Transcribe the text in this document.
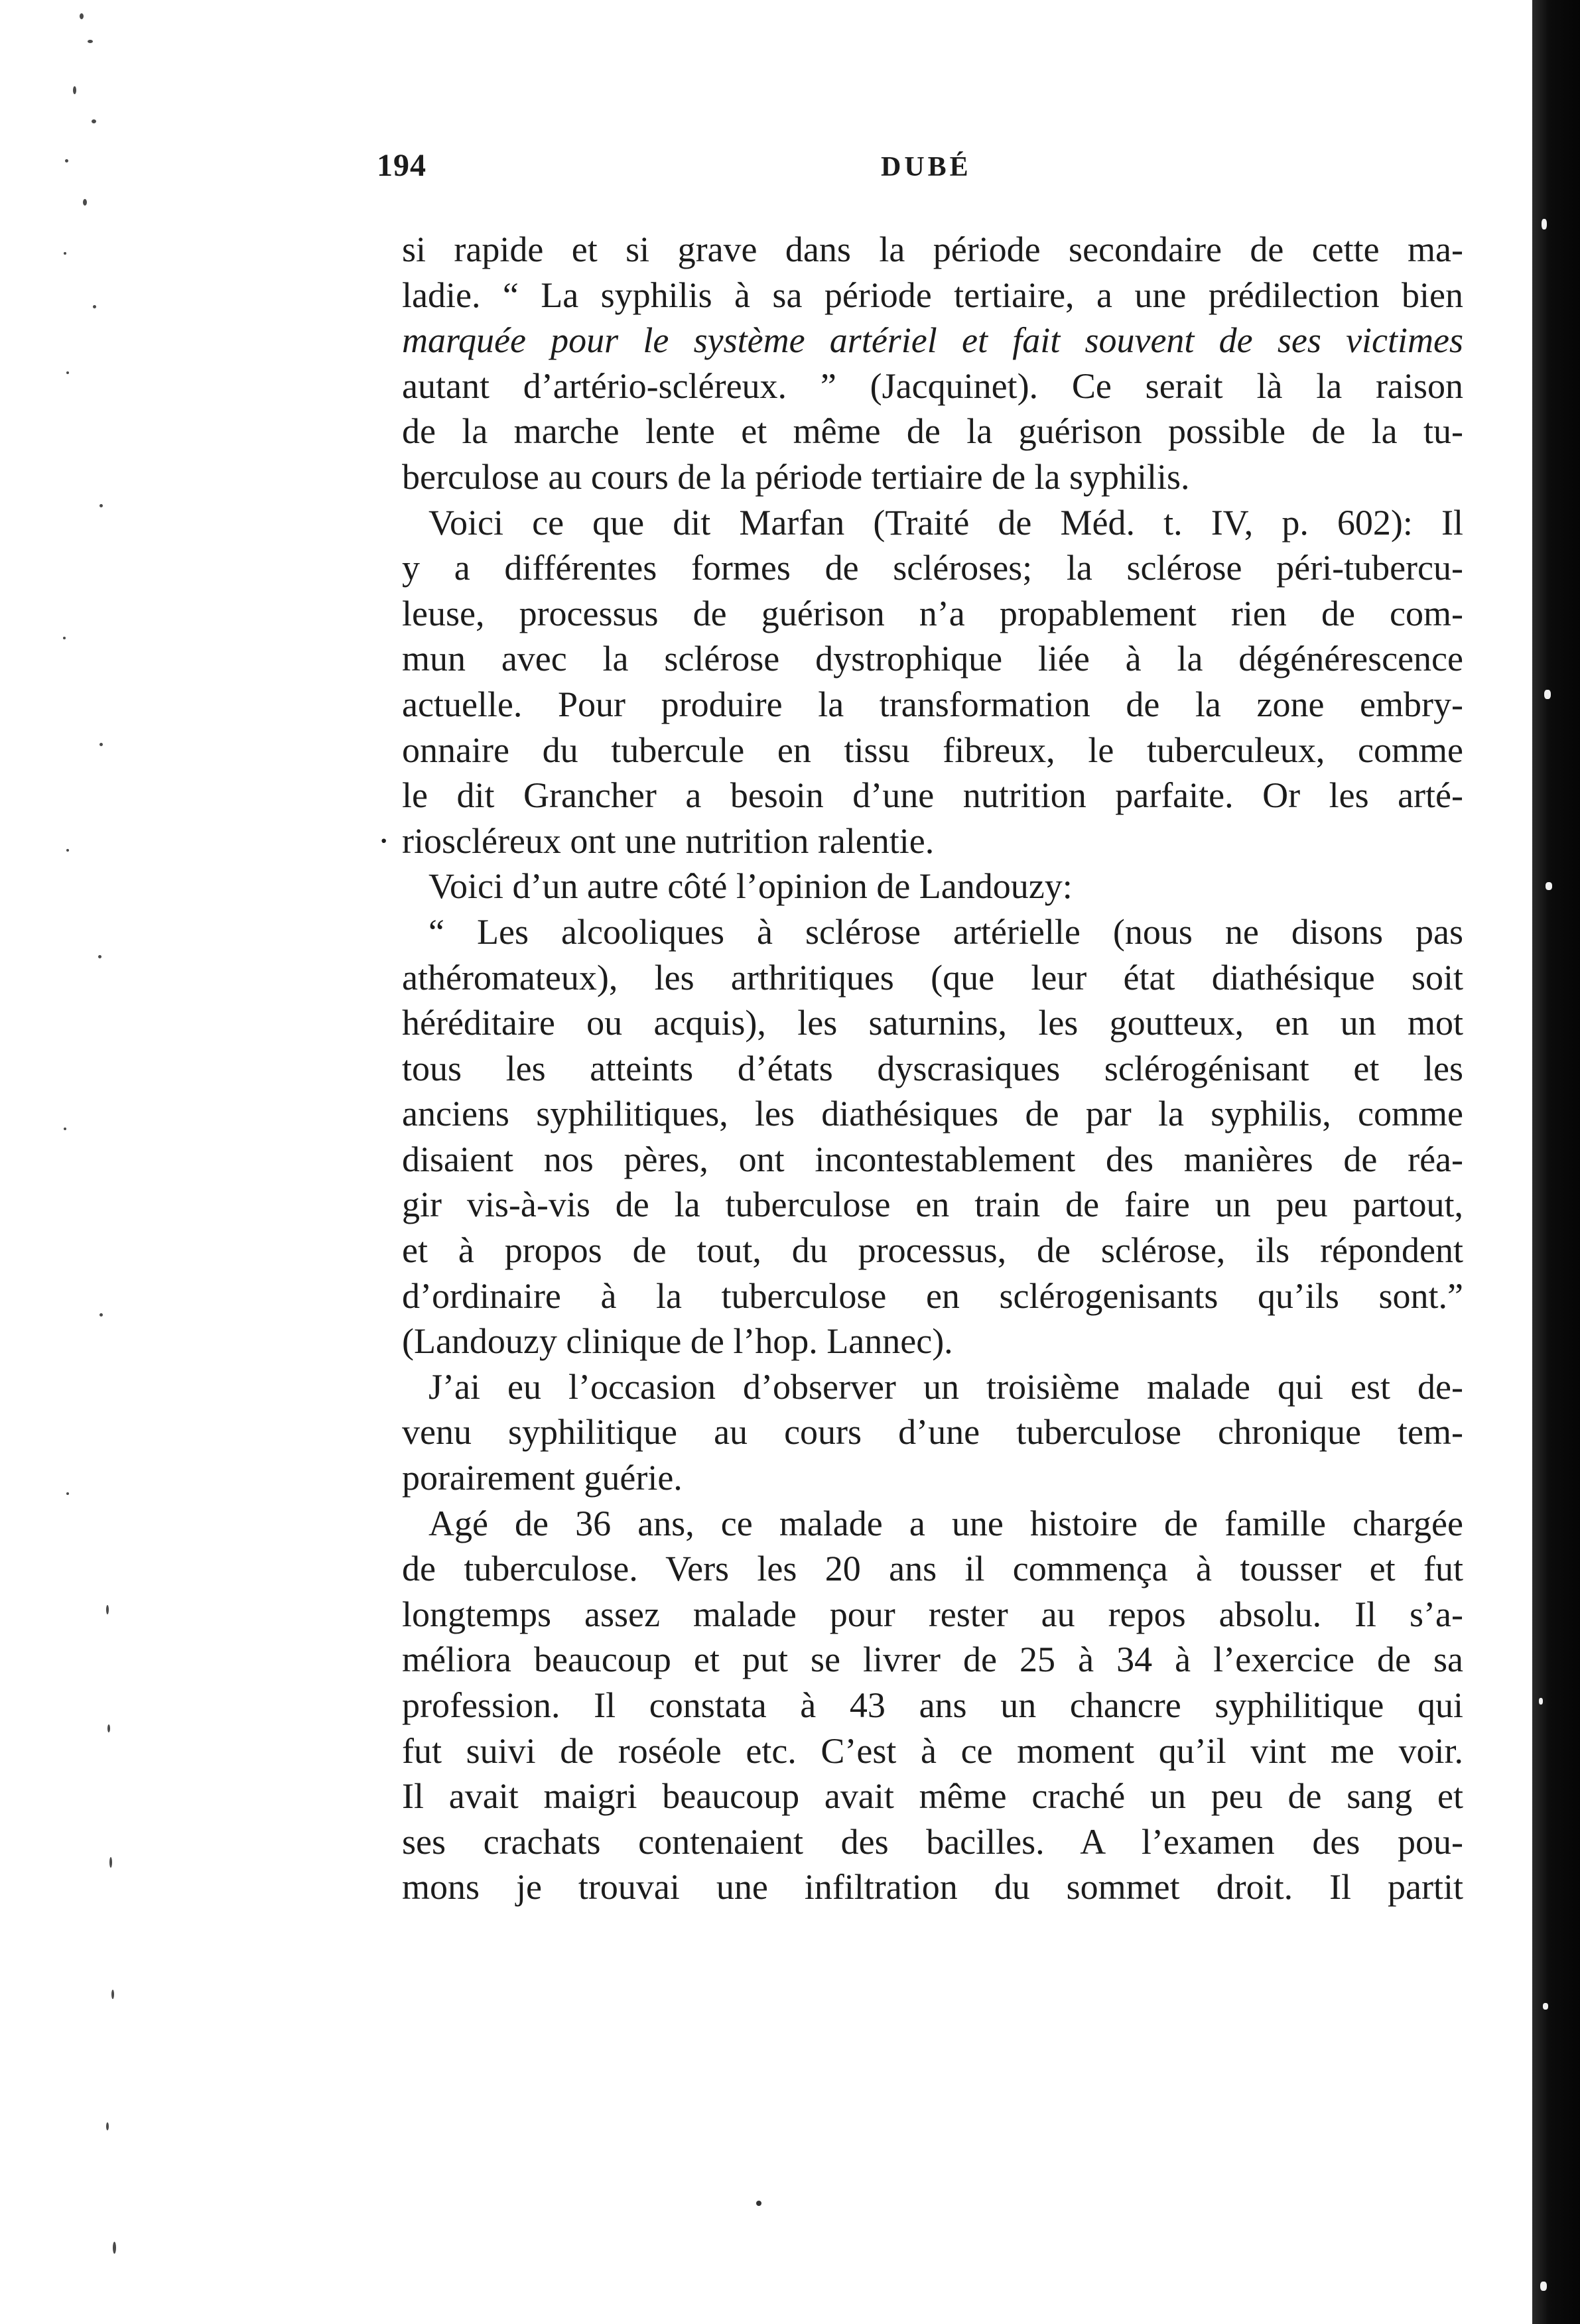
194	DUBÉ
·
si rapide et si grave dans la période secondaire de cette ma-
ladie. “ La syphilis à sa période tertiaire, a une prédilection bien
marquée pour le système artériel et fait souvent de ses victimes
autant d’artério-scléreux. ” (Jacquinet). Ce serait là la raison
de la marche lente et même de la guérison possible de la tu-
berculose au cours de la période tertiaire de la syphilis.
Voici ce que dit Marfan (Traité de Méd. t. IV, p. 602): Il
y a différentes formes de scléroses; la sclérose péri-tubercu-
leuse, processus de guérison n’a propablement rien de com-
mun avec la sclérose dystrophique liée à la dégénérescence
actuelle. Pour produire la transformation de la zone embry-
onnaire du tubercule en tissu fibreux, le tuberculeux, comme
le dit Grancher a besoin d’une nutrition parfaite. Or les arté-
rioscléreux ont une nutrition ralentie.
Voici d’un autre côté l’opinion de Landouzy:
“ Les alcooliques à sclérose artérielle (nous ne disons pas
athéromateux), les arthritiques (que leur état diathésique soit
héréditaire ou acquis), les saturnins, les goutteux, en un mot
tous les atteints d’états dyscrasiques sclérogénisant et les
anciens syphilitiques, les diathésiques de par la syphilis, comme
disaient nos pères, ont incontestablement des manières de réa-
gir vis-à-vis de la tuberculose en train de faire un peu partout,
et à propos de tout, du processus, de sclérose, ils répondent
d’ordinaire à la tuberculose en sclérogenisants qu’ils sont.”
(Landouzy clinique de l’hop. Lannec).
J’ai eu l’occasion d’observer un troisième malade qui est de-
venu syphilitique au cours d’une tuberculose chronique tem-
porairement guérie.
Agé de 36 ans, ce malade a une histoire de famille chargée
de tuberculose. Vers les 20 ans il commença à tousser et fut
longtemps assez malade pour rester au repos absolu. Il s’a-
méliora beaucoup et put se livrer de 25 à 34 à l’exercice de sa
profession. Il constata à 43 ans un chancre syphilitique qui
fut suivi de roséole etc. C’est à ce moment qu’il vint me voir.
Il avait maigri beaucoup avait même craché un peu de sang et
ses crachats contenaient des bacilles. A l’examen des pou-
mons je trouvai une infiltration du sommet droit. Il partit
